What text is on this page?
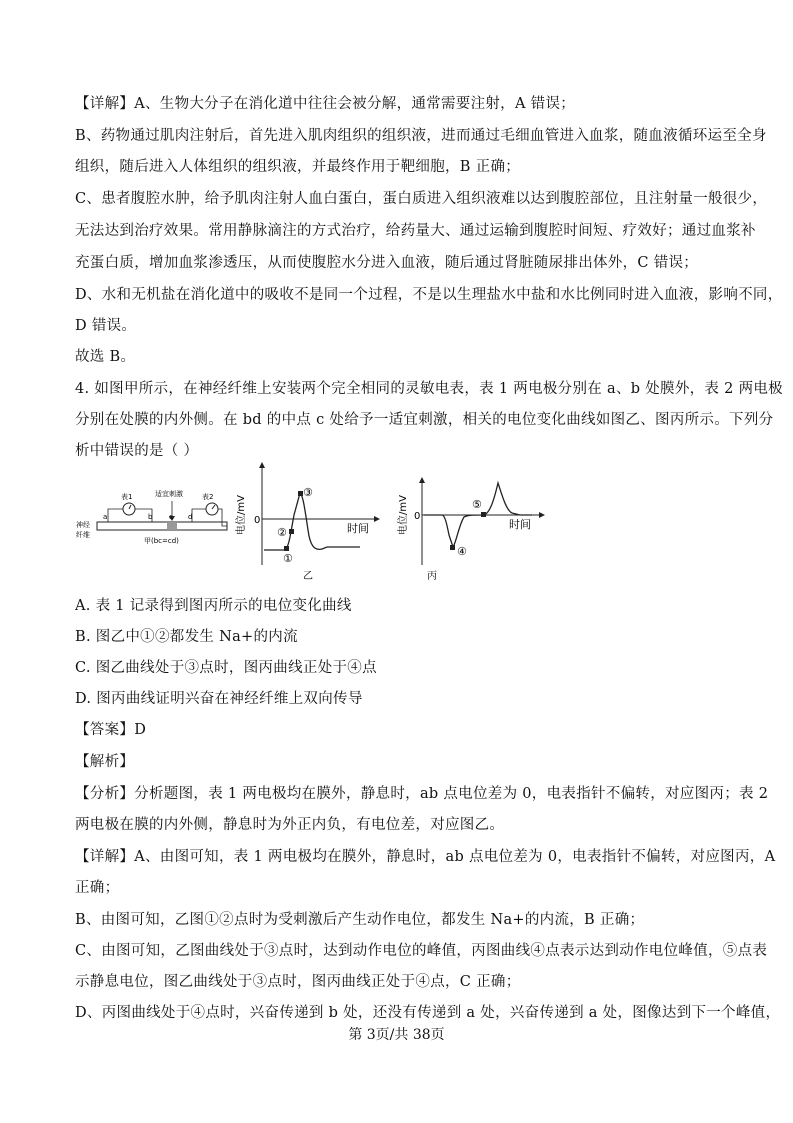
【详解】A、生物大分子在消化道中往往会被分解，通常需要注射，A 错误；
B、药物通过肌肉注射后，首先进入肌肉组织的组织液，进而通过毛细血管进入血浆，随血液循环运至全身
组织，随后进入人体组织的组织液，并最终作用于靶细胞，B 正确；
C、患者腹腔水肿，给予肌肉注射人血白蛋白，蛋白质进入组织液难以达到腹腔部位，且注射量一般很少，
无法达到治疗效果。常用静脉滴注的方式治疗，给药量大、通过运输到腹腔时间短、疗效好；通过血浆补
充蛋白质，增加血浆渗透压，从而使腹腔水分进入血液，随后通过肾脏随尿排出体外，C 错误；
D、水和无机盐在消化道中的吸收不是同一个过程，不是以生理盐水中盐和水比例同时进入血液，影响不同，
D 错误。
故选 B。
4. 如图甲所示，在神经纤维上安装两个完全相同的灵敏电表，表 1 两电极分别在 a、b 处膜外，表 2 两电极
分别在处膜的内外侧。在 bd 的中点 c 处给予一适宜刺激，相关的电位变化曲线如图乙、图丙所示。下列分
析中错误的是（ ）
A. 表 1 记录得到图丙所示的电位变化曲线
B. 图乙中①②都发生 Na+的内流
C. 图乙曲线处于③点时，图丙曲线正处于④点
D. 图丙曲线证明兴奋在神经纤维上双向传导
【答案】D
【解析】
【分析】分析题图，表 1 两电极均在膜外，静息时，ab 点电位差为 0，电表指针不偏转，对应图丙；表 2
两电极在膜的内外侧，静息时为外正内负，有电位差，对应图乙。
【详解】A、由图可知，表 1 两电极均在膜外，静息时，ab 点电位差为 0，电表指针不偏转，对应图丙，A
正确；
B、由图可知，乙图①②点时为受刺激后产生动作电位，都发生 Na+的内流，B 正确；
C、由图可知，乙图曲线处于③点时，达到动作电位的峰值，丙图曲线④点表示达到动作电位峰值，⑤点表
示静息电位，图乙曲线处于③点时，图丙曲线正处于④点，C 正确；
D、丙图曲线处于④点时，兴奋传递到 b 处，还没有传递到 a 处，兴奋传递到 a 处，图像达到下一个峰值，
表1	表2
适宜刺激
a	b c d
神经
纤维
甲(bc=cd)
电位/mV 0
时间
①
②
③
乙
电位/mV 0
时间
④
⑤
丙
第 3页/共 38页
